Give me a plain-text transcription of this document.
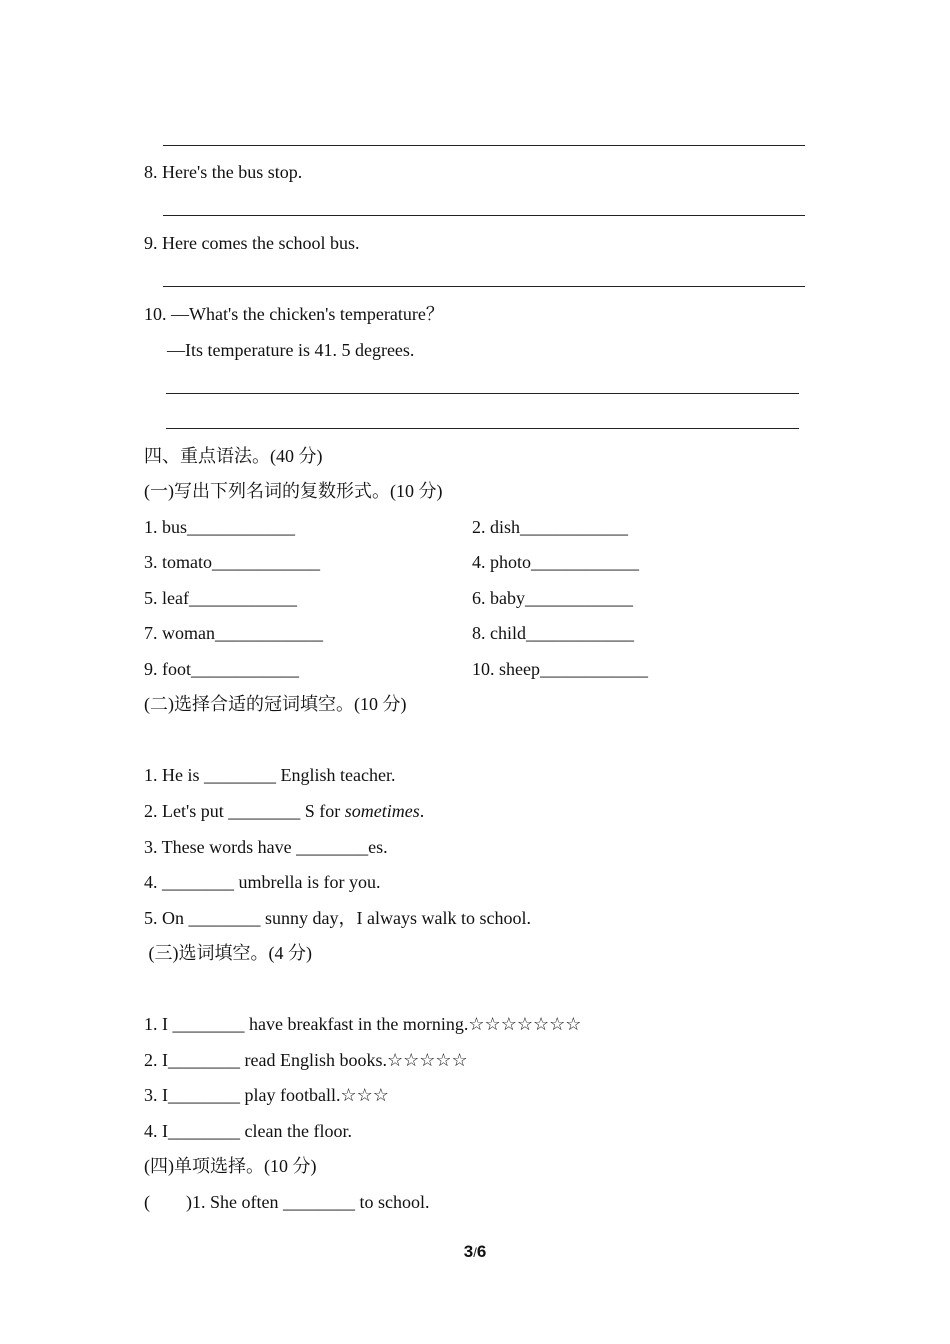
8. Here's the bus stop.
9. Here comes the school bus.
10. —What's the chicken's temperature？
—Its temperature is 41. 5 degrees.
四、重点语法。(40 分)
(一)写出下列名词的复数形式。(10 分)
1. bus____________	2. dish____________
3. tomato____________	4. photo____________
5. leaf____________	6. baby____________
7. woman____________	8. child____________
9. foot____________	10. sheep____________
(二)选择合适的冠词填空。(10 分)
1. He is ________ English teacher.
2. Let's put ________ S for sometimes.
3. These words have ________es.
4. ________ umbrella is for you.
5. On ________ sunny day，I always walk to school.
(三)选词填空。(4 分)
1. I ________ have breakfast in the morning.☆☆☆☆☆☆☆
2. I________ read English books.☆☆☆☆☆
3. I________ play football.☆☆☆
4. I________ clean the floor.
(四)单项选择。(10 分)
(        )1. She often ________ to school.
3/6
